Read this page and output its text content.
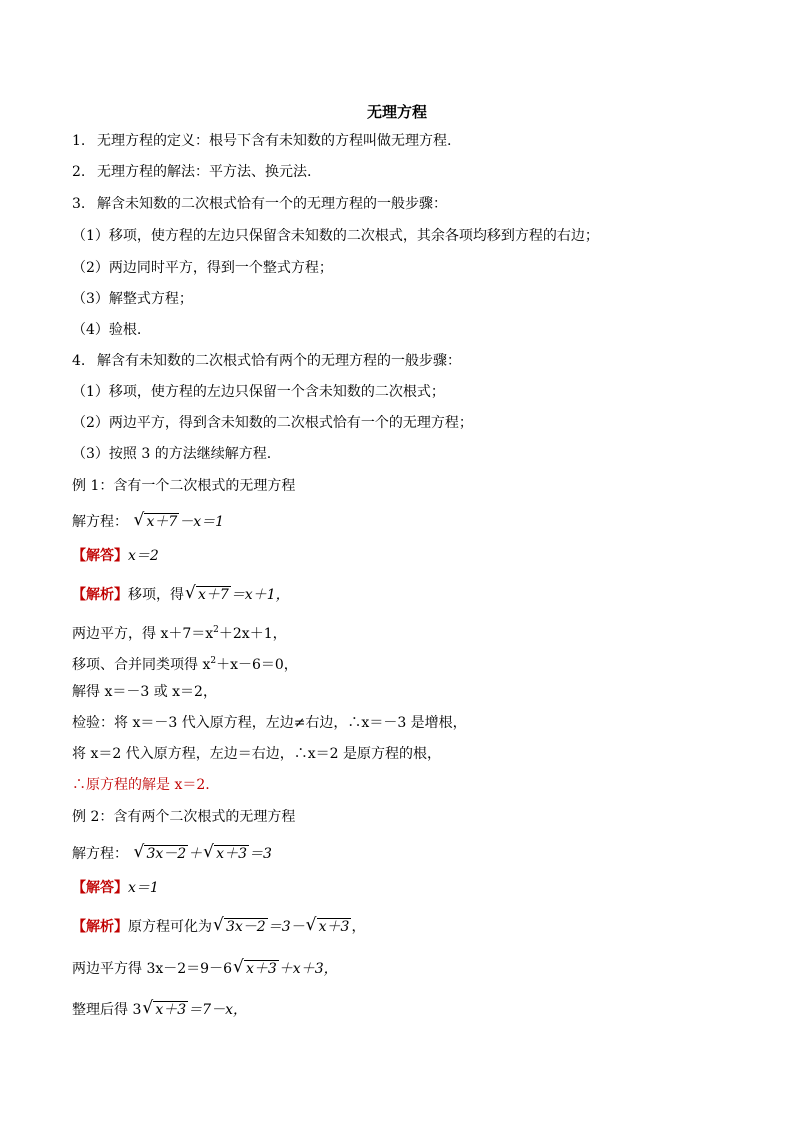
无理方程
1. 无理方程的定义：根号下含有未知数的方程叫做无理方程.
2. 无理方程的解法：平方法、换元法.
3. 解含未知数的二次根式恰有一个的无理方程的一般步骤：
（1）移项，使方程的左边只保留含未知数的二次根式，其余各项均移到方程的右边；
（2）两边同时平方，得到一个整式方程；
（3）解整式方程；
（4）验根.
4. 解含有未知数的二次根式恰有两个的无理方程的一般步骤：
（1）移项，使方程的左边只保留一个含未知数的二次根式；
（2）两边平方，得到含未知数的二次根式恰有一个的无理方程；
（3）按照 3 的方法继续解方程.
例 1：含有一个二次根式的无理方程
解方程： √ x＋7 －x＝1
【解答】x＝2
【解析】移项，得 √ x＋7 ＝x＋1，
两边平方，得 $x+7=x^2+2x+1$，
移项、合并同类项得 $x^2+x-6=0$，
解得 x＝－3 或 x＝2，
检验：将 x＝－3 代入原方程，左边≠右边，∴x＝－3 是增根，
将 x＝2 代入原方程，左边＝右边，∴x＝2 是原方程的根，
∴原方程的解是 x＝2.
例 2：含有两个二次根式的无理方程
解方程： √ 3x－2 ＋ √ x＋3 ＝3
【解答】x＝1
【解析】原方程可化为 √ 3x－2 ＝3－ √ x＋3 ，
两边平方得 3x－2＝9－6 √ x＋3 ＋x＋3，
整理后得 3 √ x＋3 ＝7－x，
